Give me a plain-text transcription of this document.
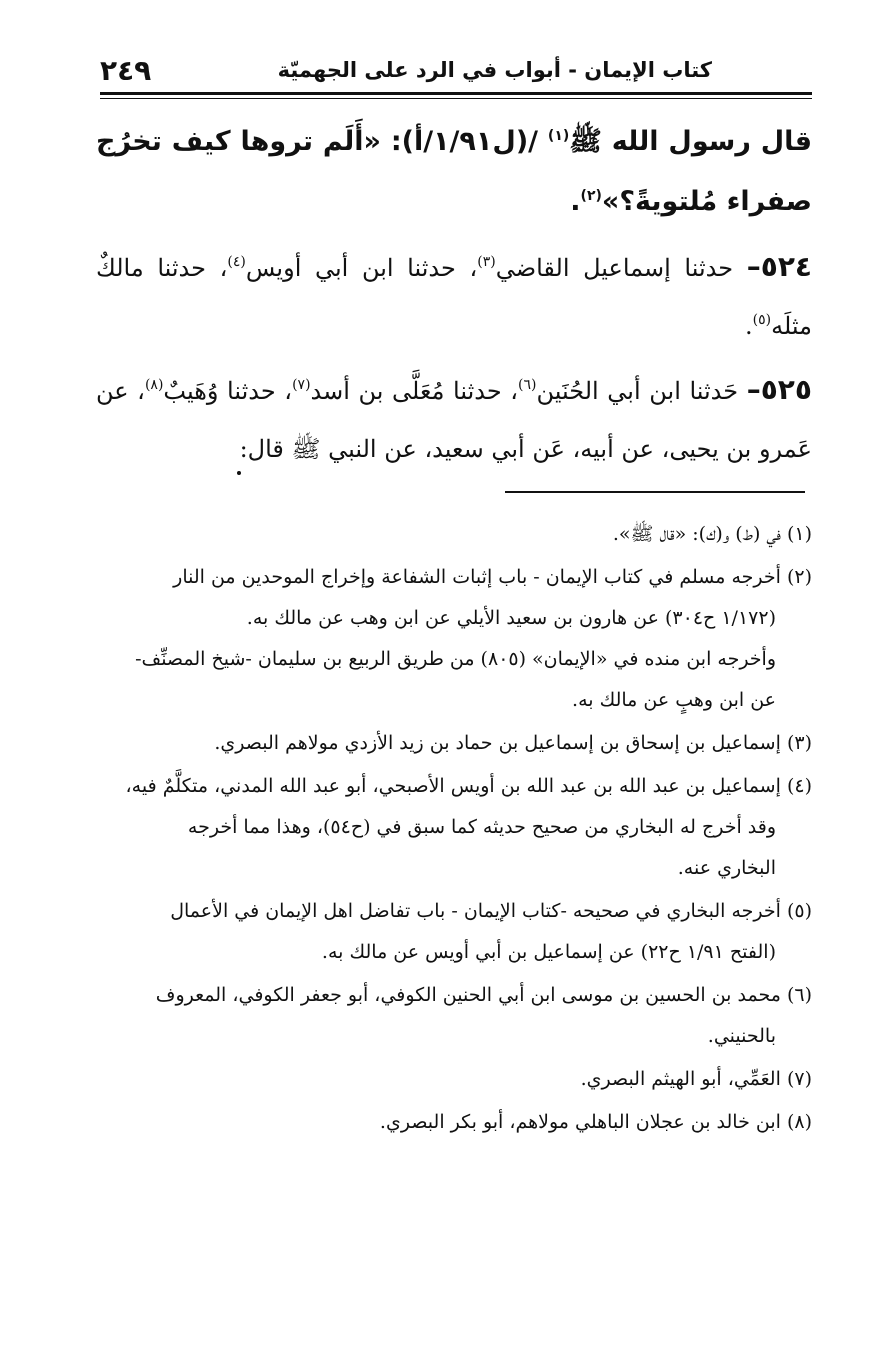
كتاب الإيمان - أبواب في الرد على الجهميّة
٢٤٩

قال رسول الله ﷺ$^{(١)}$ /(ل١/٩١/أ): «أَلَم تروها كيف تخرُج صفراء مُلتويةً؟»$^{(٢)}$.

٥٢٤– حدثنا إسماعيل القاضي$^{(٣)}$، حدثنا ابن أبي أويس$^{(٤)}$، حدثنا مالكٌ مثلَه$^{(٥)}$.

٥٢٥– حَدثنا ابن أبي الحُنَين$^{(٦)}$، حدثنا مُعَلَّى بن أسد$^{(٧)}$، حدثنا وُهَيبٌ$^{(٨)}$، عن عَمرو بن يحيى، عن أبيه، عَن أبي سعيد، عن النبي ﷺ قال:

(١) في (ط) و(ك): «قال ﷺ».

(٢) أخرجه مسلم في كتاب الإيمان - باب إثبات الشفاعة وإخراج الموحدين من النار
(١/١٧٢ ح٣٠٤) عن هارون بن سعيد الأيلي عن ابن وهب عن مالك به.
وأخرجه ابن منده في «الإيمان» (٨٠٥) من طريق الربيع بن سليمان -شيخ المصنِّف-
عن ابن وهبٍ عن مالك به.

(٣) إسماعيل بن إسحاق بن إسماعيل بن حماد بن زيد الأزدي مولاهم البصري.

(٤) إسماعيل بن عبد الله بن عبد الله بن أويس الأصبحي، أبو عبد الله المدني، متكلَّمٌ فيه،
وقد أخرج له البخاري من صحيح حديثه كما سبق في (ح٥٤)، وهذا مما أخرجه
البخاري عنه.

(٥) أخرجه البخاري في صحيحه -كتاب الإيمان - باب تفاضل اهل الإيمان في الأعمال
(الفتح ١/٩١ ح٢٢) عن إسماعيل بن أبي أويس عن مالك به.

(٦) محمد بن الحسين بن موسى ابن أبي الحنين الكوفي، أبو جعفر الكوفي، المعروف
بالحنيني.

(٧) العَمِّي، أبو الهيثم البصري.

(٨) ابن خالد بن عجلان الباهلي مولاهم، أبو بكر البصري.
